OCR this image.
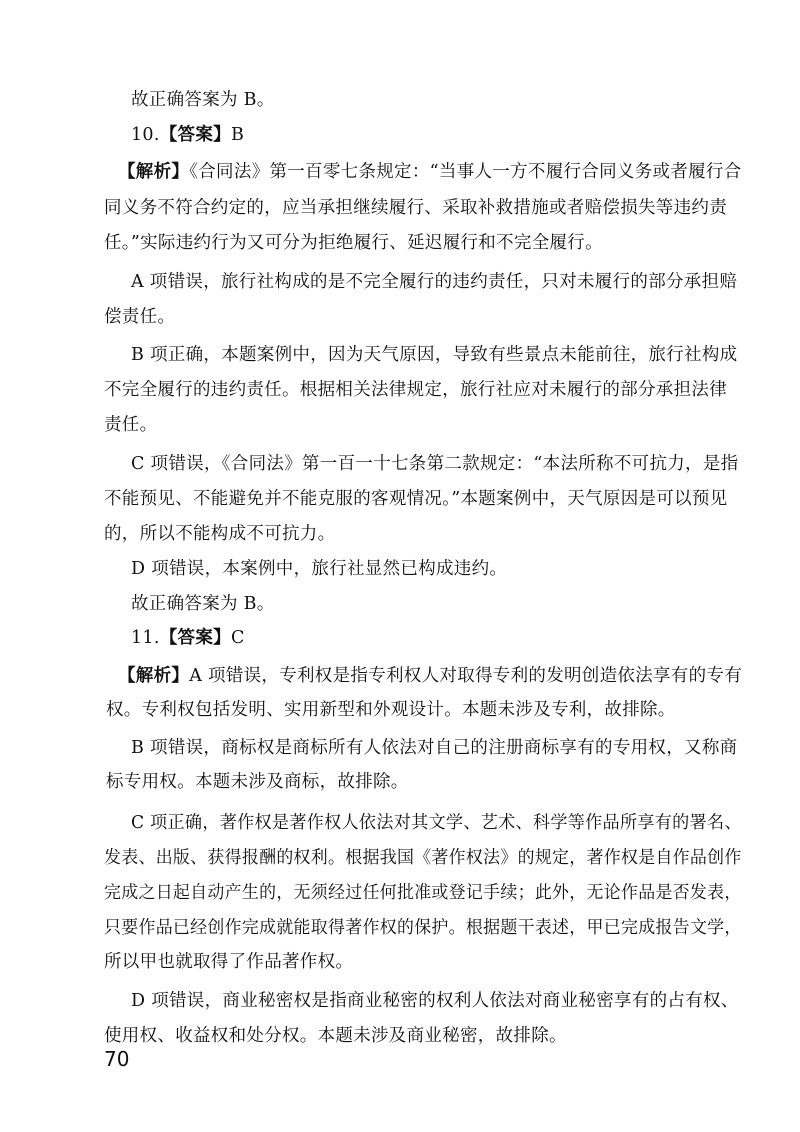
故正确答案为 B。
10.【答案】B
【解析】《合同法》第一百零七条规定：“当事人一方不履行合同义务或者履行合
同义务不符合约定的，应当承担继续履行、采取补救措施或者赔偿损失等违约责
任。”实际违约行为又可分为拒绝履行、延迟履行和不完全履行。
A 项错误，旅行社构成的是不完全履行的违约责任，只对未履行的部分承担赔
偿责任。
B 项正确，本题案例中，因为天气原因，导致有些景点未能前往，旅行社构成
不完全履行的违约责任。根据相关法律规定，旅行社应对未履行的部分承担法律
责任。
C 项错误，《合同法》第一百一十七条第二款规定：“本法所称不可抗力，是指
不能预见、不能避免并不能克服的客观情况。”本题案例中，天气原因是可以预见
的，所以不能构成不可抗力。
D 项错误，本案例中，旅行社显然已构成违约。
故正确答案为 B。
11.【答案】C
【解析】A 项错误，专利权是指专利权人对取得专利的发明创造依法享有的专有
权。专利权包括发明、实用新型和外观设计。本题未涉及专利，故排除。
B 项错误，商标权是商标所有人依法对自己的注册商标享有的专用权，又称商
标专用权。本题未涉及商标，故排除。
C 项正确，著作权是著作权人依法对其文学、艺术、科学等作品所享有的署名、
发表、出版、获得报酬的权利。根据我国《著作权法》的规定，著作权是自作品创作
完成之日起自动产生的，无须经过任何批准或登记手续；此外，无论作品是否发表，
只要作品已经创作完成就能取得著作权的保护。根据题干表述，甲已完成报告文学，
所以甲也就取得了作品著作权。
D 项错误，商业秘密权是指商业秘密的权利人依法对商业秘密享有的占有权、
使用权、收益权和处分权。本题未涉及商业秘密，故排除。
70
